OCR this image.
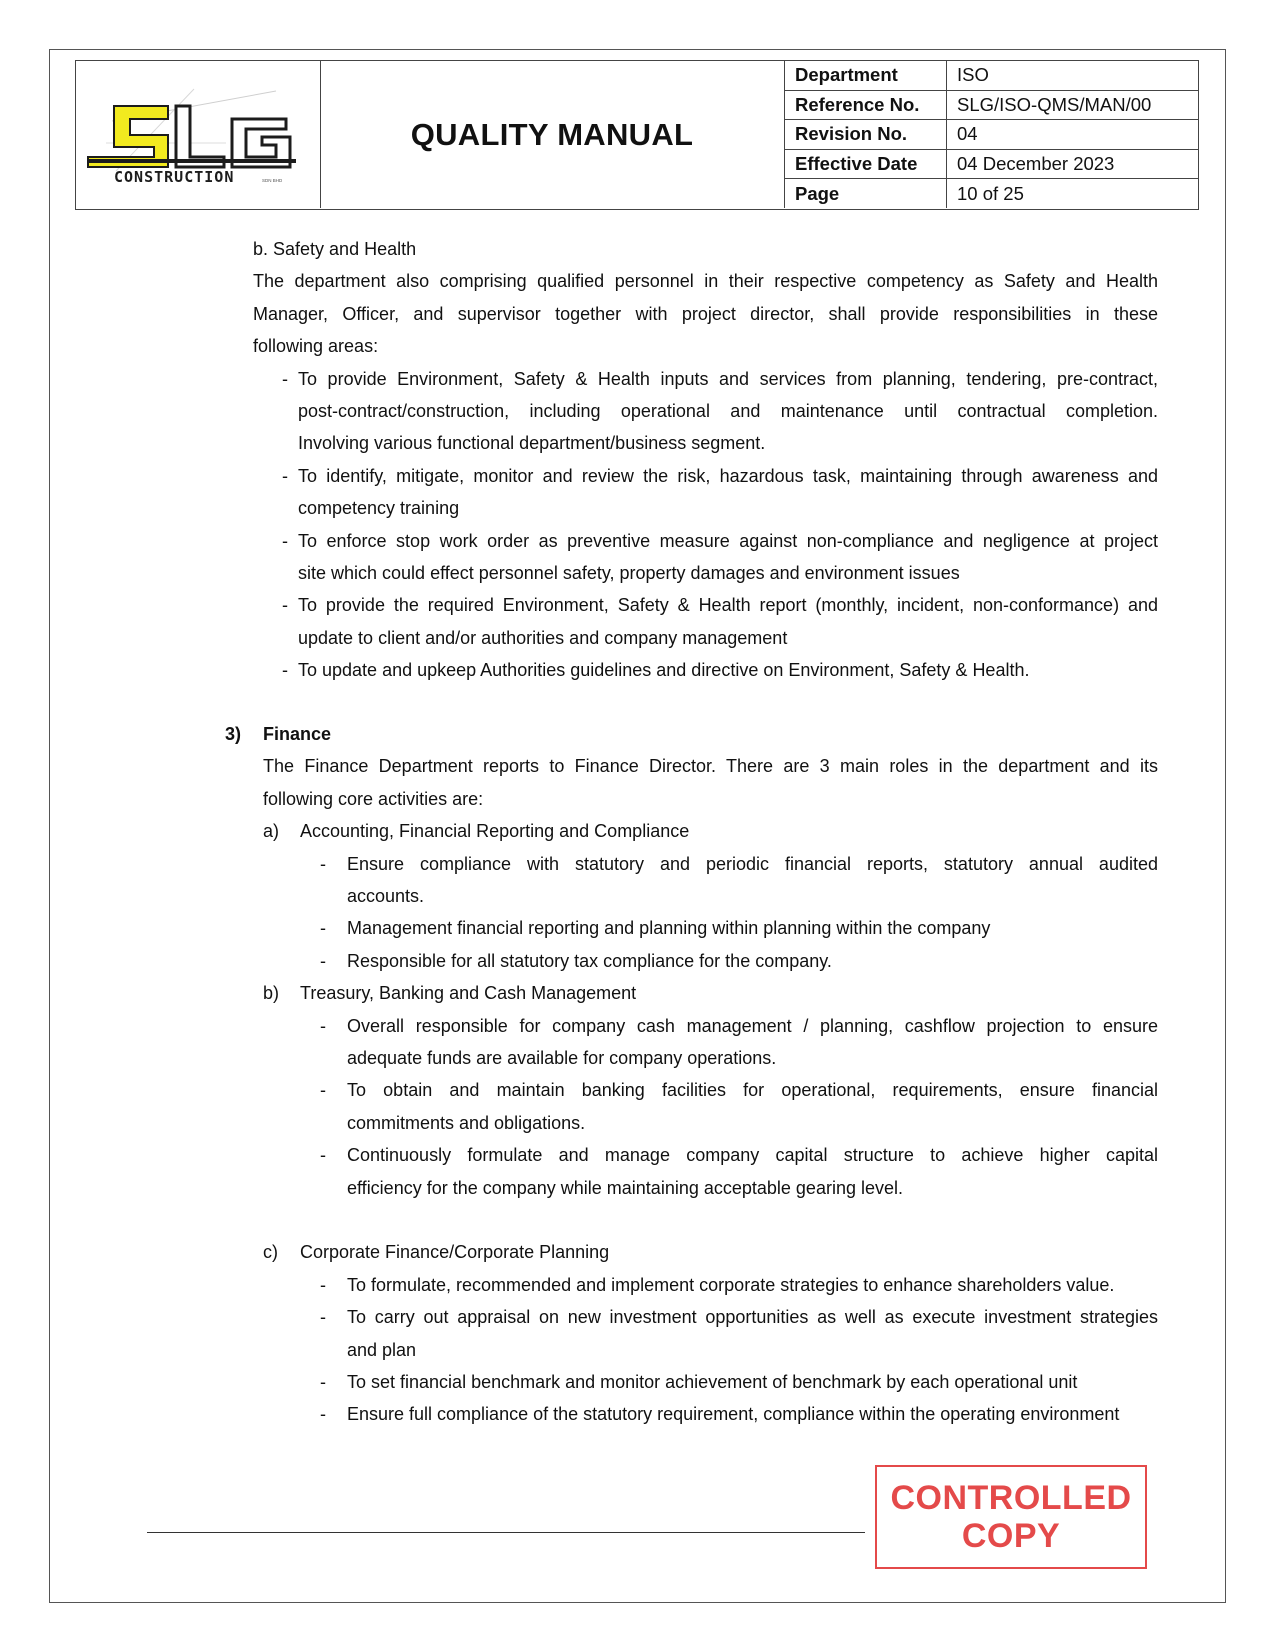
CONSTRUCTION	SDN BHD
QUALITY MANUAL
Department	ISO
Reference No.	SLG/ISO-QMS/MAN/00
Revision No.	04
Effective Date	04 December 2023
Page	10 of 25
b. Safety and Health
The department also comprising qualified personnel in their respective competency as Safety and Health
Manager, Officer, and supervisor together with project director, shall provide responsibilities in these
following areas:
- To provide Environment, Safety & Health inputs and services from planning, tendering, pre-contract,
post-contract/construction, including operational and maintenance until contractual completion.
Involving various functional department/business segment.
- To identify, mitigate, monitor and review the risk, hazardous task, maintaining through awareness and
competency training
- To enforce stop work order as preventive measure against non-compliance and negligence at project
site which could effect personnel safety, property damages and environment issues
- To provide the required Environment, Safety & Health report (monthly, incident, non-conformance) and
update to client and/or authorities and company management
- To update and upkeep Authorities guidelines and directive on Environment, Safety & Health.
3) Finance
The Finance Department reports to Finance Director. There are 3 main roles in the department and its
following core activities are:
a) Accounting, Financial Reporting and Compliance
- Ensure compliance with statutory and periodic financial reports, statutory annual audited
accounts.
- Management financial reporting and planning within planning within the company
- Responsible for all statutory tax compliance for the company.
b) Treasury, Banking and Cash Management
- Overall responsible for company cash management / planning, cashflow projection to ensure
adequate funds are available for company operations.
- To obtain and maintain banking facilities for operational, requirements, ensure financial
commitments and obligations.
- Continuously formulate and manage company capital structure to achieve higher capital
efficiency for the company while maintaining acceptable gearing level.
c) Corporate Finance/Corporate Planning
- To formulate, recommended and implement corporate strategies to enhance shareholders value.
- To carry out appraisal on new investment opportunities as well as execute investment strategies
and plan
- To set financial benchmark and monitor achievement of benchmark by each operational unit
- Ensure full compliance of the statutory requirement, compliance within the operating environment
CONTROLLED
COPY
